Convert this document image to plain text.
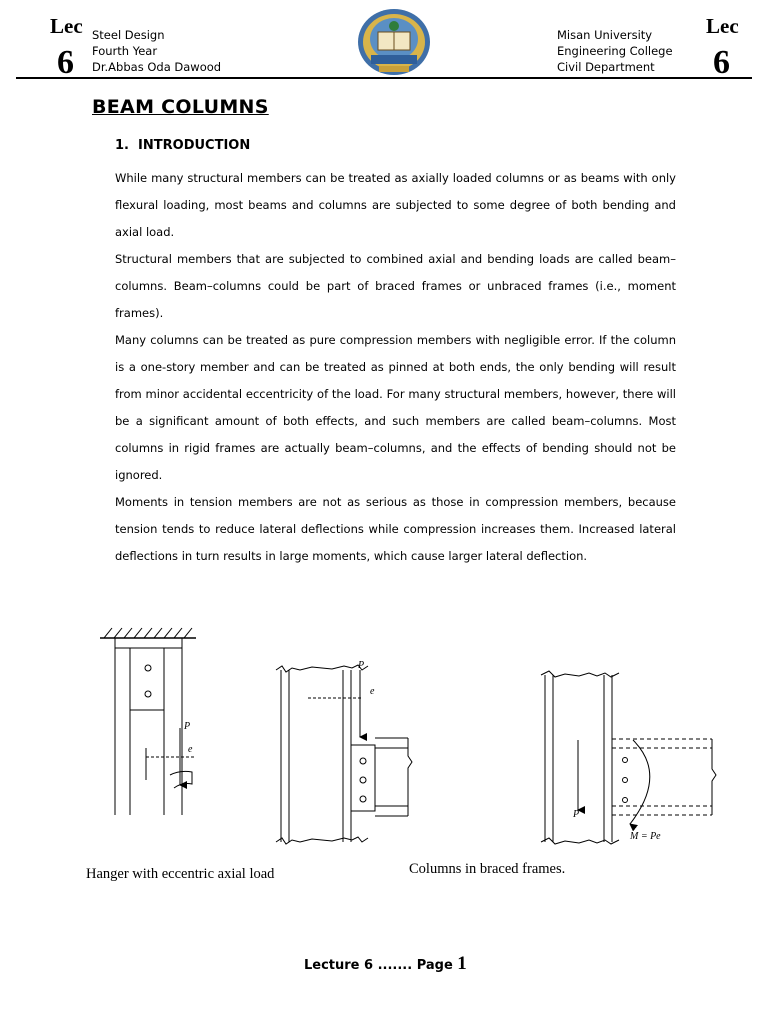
Lec
6
Steel Design
Fourth Year
Dr.Abbas Oda Dawood
Misan University
Engineering College
Civil Department
Lec
6
BEAM COLUMNS
1. INTRODUCTION

While many structural members can be treated as axially loaded columns or as beams with only flexural loading, most beams and columns are subjected to some degree of both bending and axial load.

Structural members that are subjected to combined axial and bending loads are called beam–columns. Beam–columns could be part of braced frames or unbraced frames (i.e., moment frames).

Many columns can be treated as pure compression members with negligible error. If the column is a one-story member and can be treated as pinned at both ends, the only bending will result from minor accidental eccentricity of the load. For many structural members, however, there will be a significant amount of both effects, and such members are called beam–columns. Most columns in rigid frames are actually beam–columns, and the effects of bending should not be ignored.

Moments in tension members are not as serious as those in compression members, because tension tends to reduce lateral deflections while compression increases them. Increased lateral deflections in turn results in large moments, which cause larger lateral deflection.

P
e
P
e
P
M = Pe
Hanger with eccentric axial load	Columns in braced frames.
Lecture 6 ....... Page 1
